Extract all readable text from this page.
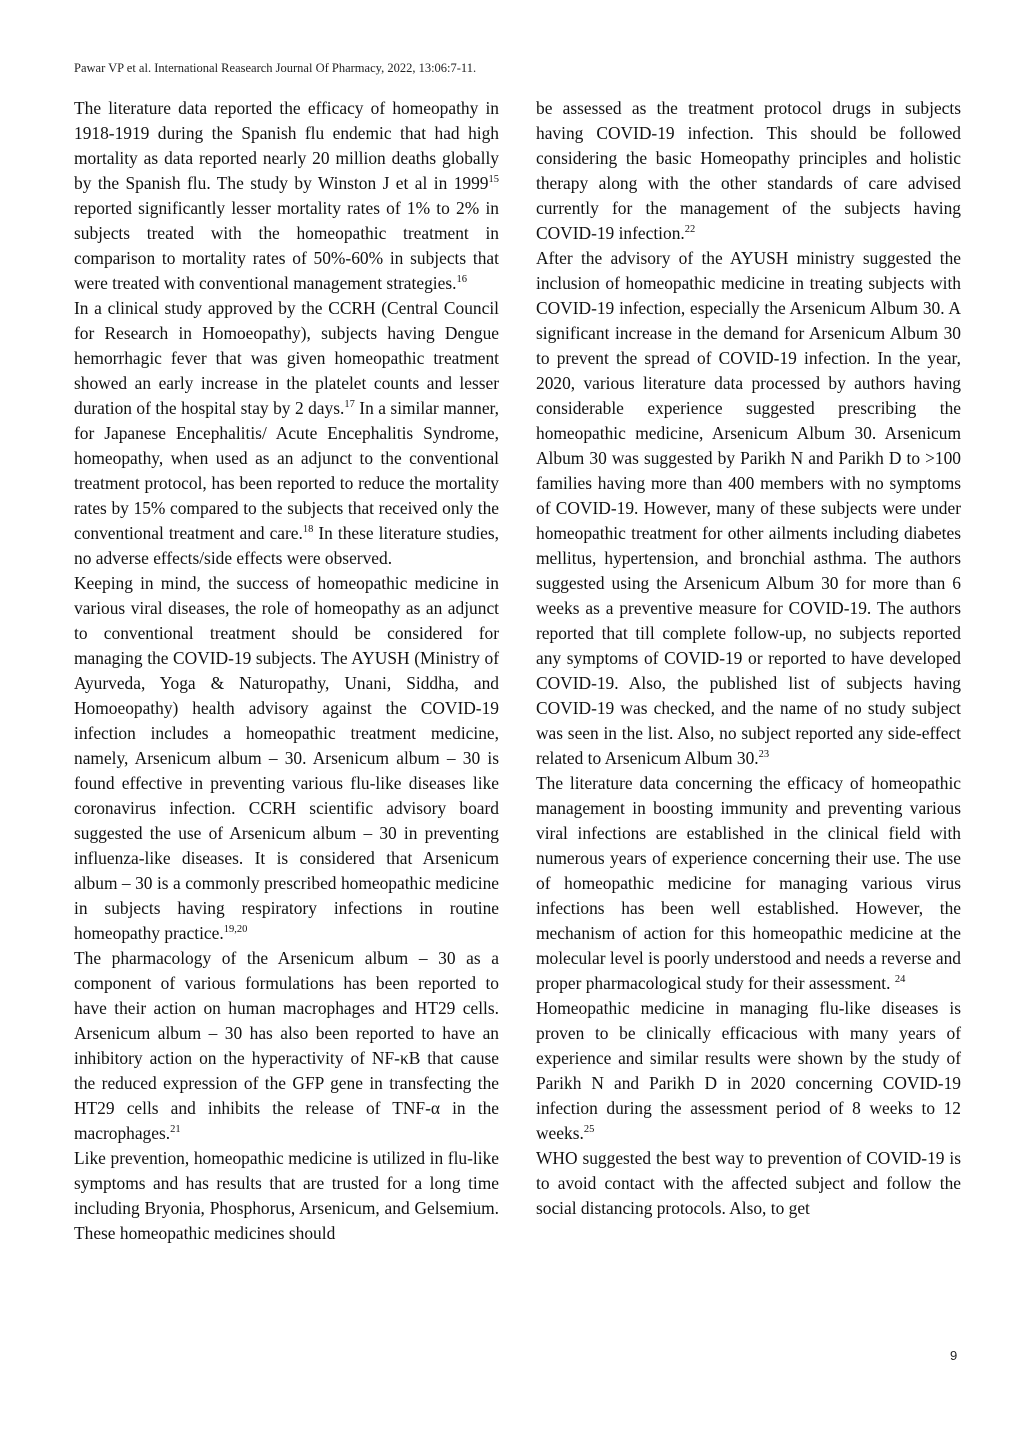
Pawar VP et al. International Reasearch Journal Of Pharmacy, 2022, 13:06:7-11.

The literature data reported the efficacy of homeopathy in 1918-1919 during the Spanish flu endemic that had high mortality as data reported nearly 20 million deaths globally by the Spanish flu. The study by Winston J et al in 1999$^{15}$ reported significantly lesser mortality rates of 1% to 2% in subjects treated with the homeopathic treatment in comparison to mortality rates of 50%-60% in subjects that were treated with conventional management strategies.$^{16}$

In a clinical study approved by the CCRH (Central Council for Research in Homoeopathy), subjects having Dengue hemorrhagic fever that was given homeopathic treatment showed an early increase in the platelet counts and lesser duration of the hospital stay by 2 days.$^{17}$ In a similar manner, for Japanese Encephalitis/ Acute Encephalitis Syndrome, homeopathy, when used as an adjunct to the conventional treatment protocol, has been reported to reduce the mortality rates by 15% compared to the subjects that received only the conventional treatment and care.$^{18}$ In these literature studies, no adverse effects/side effects were observed.

Keeping in mind, the success of homeopathic medicine in various viral diseases, the role of homeopathy as an adjunct to conventional treatment should be considered for managing the COVID-19 subjects. The AYUSH (Ministry of Ayurveda, Yoga & Naturopathy, Unani, Siddha, and Homoeopathy) health advisory against the COVID-19 infection includes a homeopathic treatment medicine, namely, Arsenicum album – 30. Arsenicum album – 30 is found effective in preventing various flu-like diseases like coronavirus infection. CCRH scientific advisory board suggested the use of Arsenicum album – 30 in preventing influenza-like diseases. It is considered that Arsenicum album – 30 is a commonly prescribed homeopathic medicine in subjects having respiratory infections in routine homeopathy practice.$^{19,20}$

The pharmacology of the Arsenicum album – 30 as a component of various formulations has been reported to have their action on human macrophages and HT29 cells. Arsenicum album – 30 has also been reported to have an inhibitory action on the hyperactivity of NF-κB that cause the reduced expression of the GFP gene in transfecting the HT29 cells and inhibits the release of TNF-α in the macrophages.$^{21}$

Like prevention, homeopathic medicine is utilized in flu-like symptoms and has results that are trusted for a long time including Bryonia, Phosphorus, Arsenicum, and Gelsemium. These homeopathic medicines should

be assessed as the treatment protocol drugs in subjects having COVID-19 infection. This should be followed considering the basic Homeopathy principles and holistic therapy along with the other standards of care advised currently for the management of the subjects having COVID-19 infection.$^{22}$

After the advisory of the AYUSH ministry suggested the inclusion of homeopathic medicine in treating subjects with COVID-19 infection, especially the Arsenicum Album 30. A significant increase in the demand for Arsenicum Album 30 to prevent the spread of COVID-19 infection. In the year, 2020, various literature data processed by authors having considerable experience suggested prescribing the homeopathic medicine, Arsenicum Album 30. Arsenicum Album 30 was suggested by Parikh N and Parikh D to >100 families having more than 400 members with no symptoms of COVID-19. However, many of these subjects were under homeopathic treatment for other ailments including diabetes mellitus, hypertension, and bronchial asthma. The authors suggested using the Arsenicum Album 30 for more than 6 weeks as a preventive measure for COVID-19. The authors reported that till complete follow-up, no subjects reported any symptoms of COVID-19 or reported to have developed COVID-19. Also, the published list of subjects having COVID-19 was checked, and the name of no study subject was seen in the list. Also, no subject reported any side-effect related to Arsenicum Album 30.23

The literature data concerning the efficacy of homeopathic management in boosting immunity and preventing various viral infections are established in the clinical field with numerous years of experience concerning their use. The use of homeopathic medicine for managing various virus infections has been well established. However, the mechanism of action for this homeopathic medicine at the molecular level is poorly understood and needs a reverse and proper pharmacological study for their assessment. $^{24}$

Homeopathic medicine in managing flu-like diseases is proven to be clinically efficacious with many years of experience and similar results were shown by the study of Parikh N and Parikh D in 2020 concerning COVID-19 infection during the assessment period of 8 weeks to 12 weeks.$^{25}$

WHO suggested the best way to prevention of COVID-19 is to avoid contact with the affected subject and follow the social distancing protocols. Also, to get

9
